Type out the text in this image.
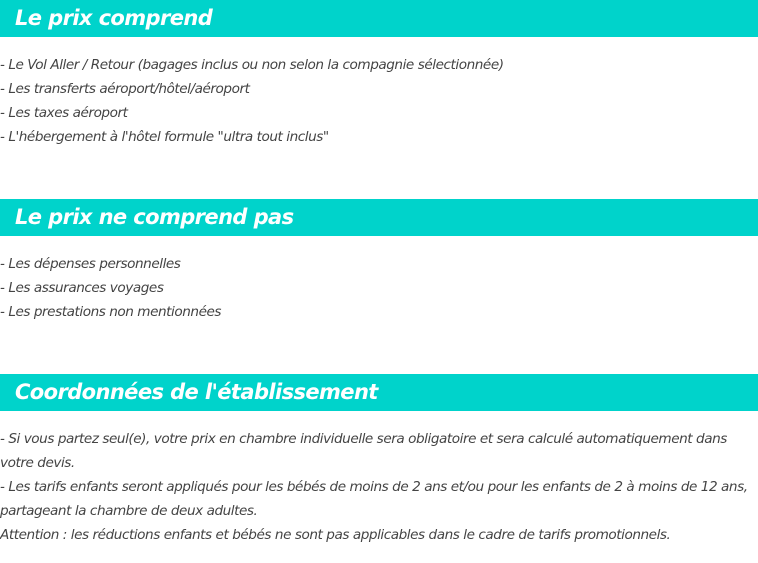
Le prix comprend
- Le Vol Aller / Retour (bagages inclus ou non selon la compagnie sélectionnée)
- Les transferts aéroport/hôtel/aéroport
- Les taxes aéroport
- L'hébergement à l'hôtel formule "ultra tout inclus"
Le prix ne comprend pas
- Les dépenses personnelles
- Les assurances voyages
- Les prestations non mentionnées
Coordonnées de l'établissement

- Si vous partez seul(e), votre prix en chambre individuelle sera obligatoire et sera calculé automatiquement dans votre devis.

- Les tarifs enfants seront appliqués pour les bébés de moins de 2 ans et/ou pour les enfants de 2 à moins de 12 ans, partageant la chambre de deux adultes.

Attention : les réductions enfants et bébés ne sont pas applicables dans le cadre de tarifs promotionnels.
